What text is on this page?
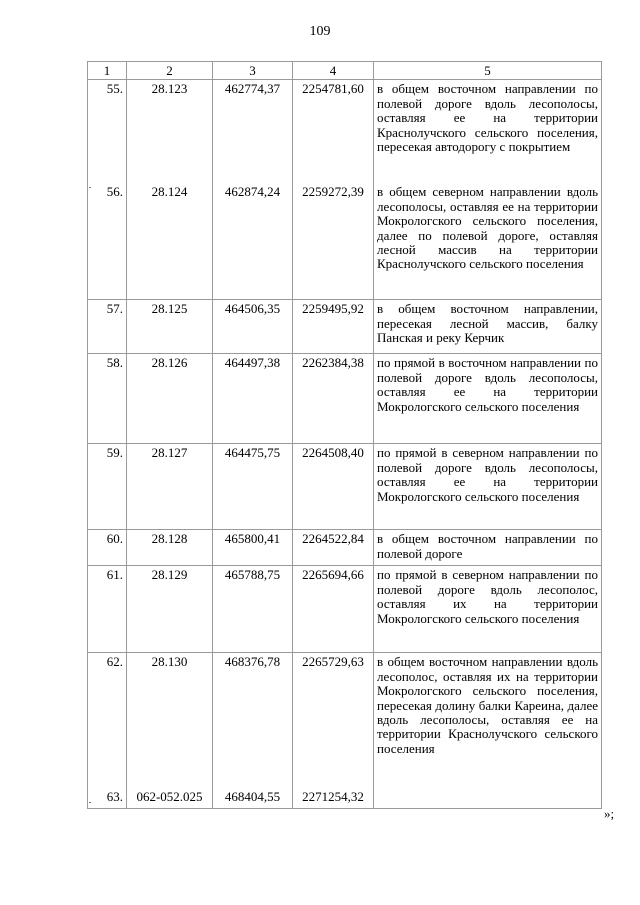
109
1	2	3	4	5
55.	28.123	462774,37	2254781,60	в общем восточном направлении по полевой дороге вдоль лесополосы, оставляя ее на территории Краснолучского сельского поселения, пересекая автодорогу с покрытием
56.	28.124	462874,24	2259272,39	в общем северном направлении вдоль лесополосы, оставляя ее на территории Мокрологского сельского поселения, далее по полевой дороге, оставляя лесной массив на территории Краснолучского сельского поселения
57.	28.125	464506,35	2259495,92	в общем восточном направлении, пересекая лесной массив, балку Панская и реку Керчик
58.	28.126	464497,38	2262384,38	по прямой в восточном направлении по полевой дороге вдоль лесополосы, оставляя ее на территории Мокрологского сельского поселения
59.	28.127	464475,75	2264508,40	по прямой в северном направлении по полевой дороге вдоль лесополосы, оставляя ее на территории Мокрологского сельского поселения
60.	28.128	465800,41	2264522,84	в общем восточном направлении по полевой дороге
61.	28.129	465788,75	2265694,66	по прямой в северном направлении по полевой дороге вдоль лесополос, оставляя их на территории Мокрологского сельского поселения
62.	28.130	468376,78	2265729,63	в общем восточном направлении вдоль лесополос, оставляя их на территории Мокрологского сельского поселения, пересекая долину балки Кареина, далее вдоль лесополосы, оставляя ее на территории Краснолучского сельского поселения
63.	062-052.025	468404,55	2271254,32	
»;
